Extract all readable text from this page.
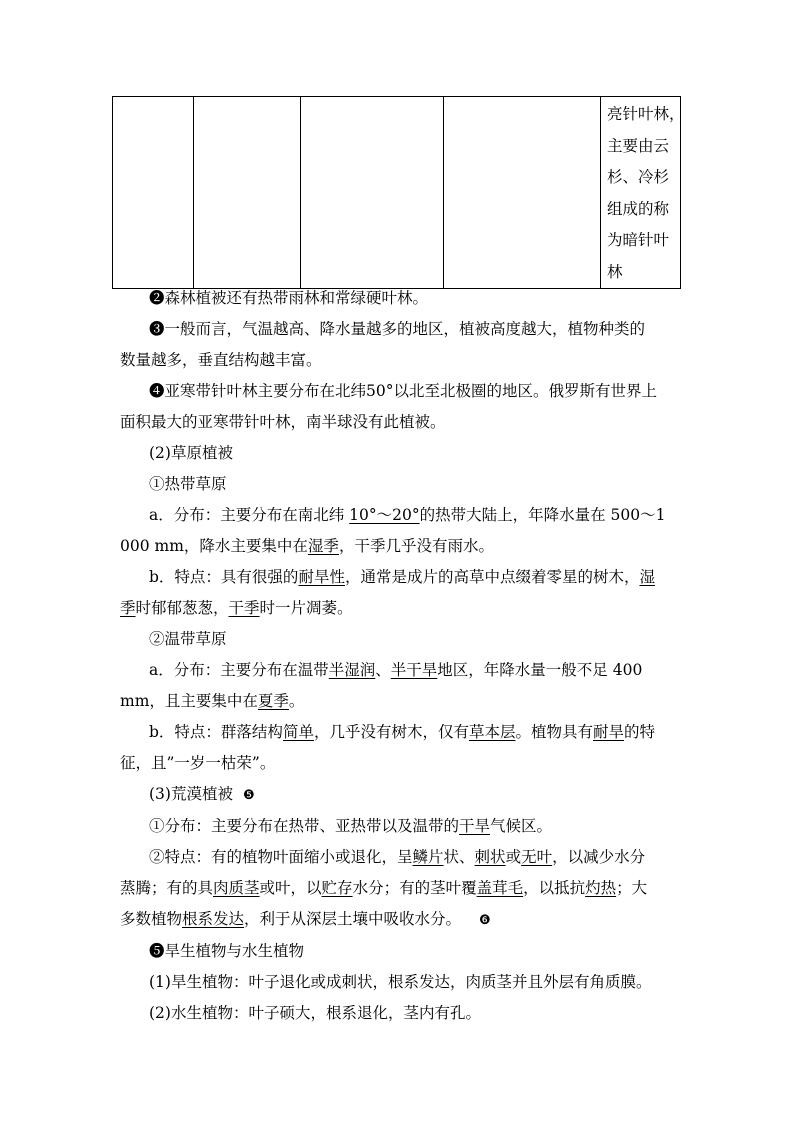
亮针叶林，
主要由云
杉、冷杉
组成的称
为暗针叶
林

❷森林植被还有热带雨林和常绿硬叶林。

❸一般而言，气温越高、降水量越多的地区，植被高度越大，植物种类的

数量越多，垂直结构越丰富。

❹亚寒带针叶林主要分布在北纬50°以北至北极圈的地区。俄罗斯有世界上

面积最大的亚寒带针叶林，南半球没有此植被。

(2)草原植被

①热带草原

a．分布：主要分布在南北纬 10°～20°的热带大陆上，年降水量在 500～1

000 mm，降水主要集中在湿季，干季几乎没有雨水。

b．特点：具有很强的耐旱性，通常是成片的高草中点缀着零星的树木，湿

季时郁郁葱葱，干季时一片凋萎。

②温带草原

a．分布：主要分布在温带半湿润、半干旱地区，年降水量一般不足 400

mm，且主要集中在夏季。

b．特点：群落结构简单，几乎没有树木，仅有草本层。植物具有耐旱的特

征，且”一岁一枯荣”。

(3)荒漠植被 ❺

①分布：主要分布在热带、亚热带以及温带的干旱气候区。

②特点：有的植物叶面缩小或退化，呈鳞片状、刺状或无叶，以减少水分

蒸腾；有的具肉质茎或叶，以贮存水分；有的茎叶覆盖茸毛，以抵抗灼热；大

多数植物根系发达，利于从深层土壤中吸收水分。 ❻

❺旱生植物与水生植物

(1)旱生植物：叶子退化或成刺状，根系发达，肉质茎并且外层有角质膜。

(2)水生植物：叶子硕大，根系退化，茎内有孔。
